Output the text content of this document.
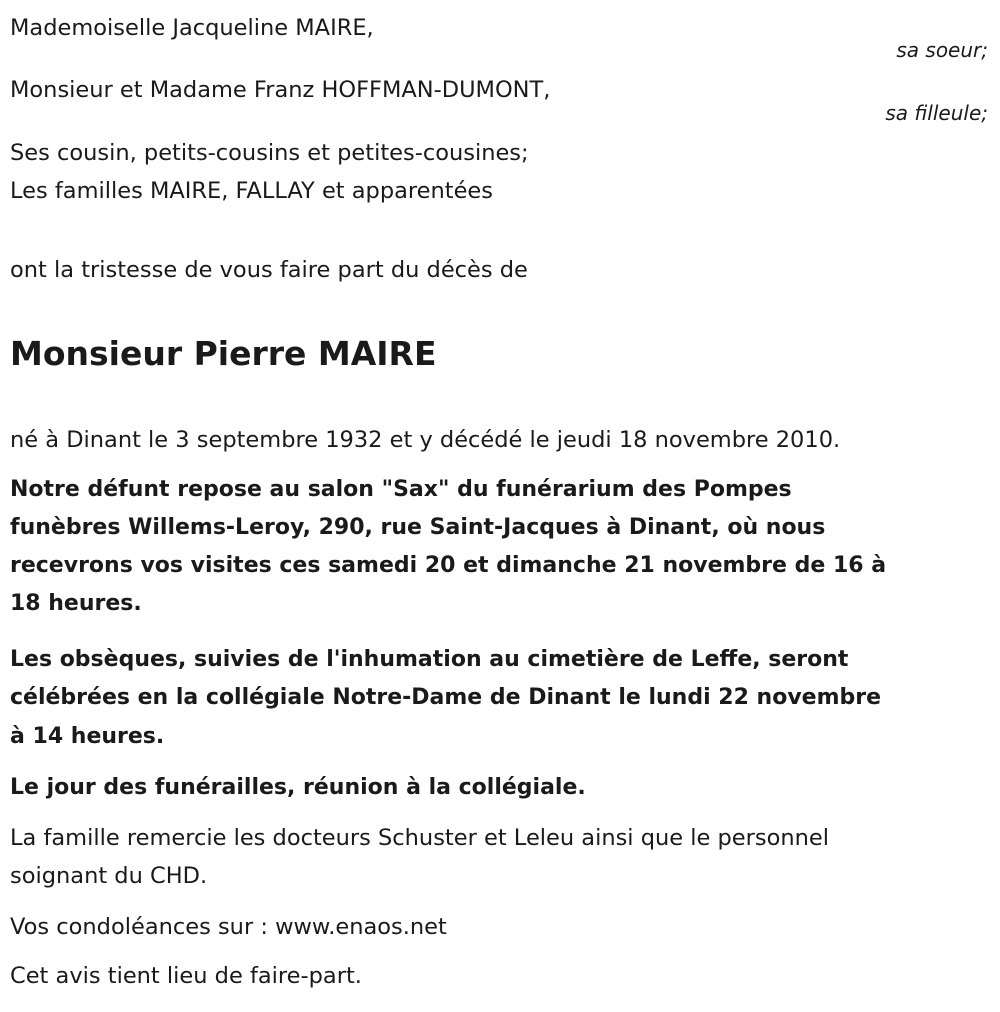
Mademoiselle Jacqueline MAIRE,
sa soeur;
Monsieur et Madame Franz HOFFMAN-DUMONT,
sa filleule;
Ses cousin, petits-cousins et petites-cousines;
Les familles MAIRE, FALLAY et apparentées
ont la tristesse de vous faire part du décès de
Monsieur Pierre MAIRE
né à Dinant le 3 septembre 1932 et y décédé le jeudi 18 novembre 2010.
Notre défunt repose au salon "Sax" du funérarium des Pompes
funèbres Willems-Leroy, 290, rue Saint-Jacques à Dinant, où nous
recevrons vos visites ces samedi 20 et dimanche 21 novembre de 16 à
18 heures.
Les obsèques, suivies de l'inhumation au cimetière de Leffe, seront
célébrées en la collégiale Notre-Dame de Dinant le lundi 22 novembre
à 14 heures.
Le jour des funérailles, réunion à la collégiale.
La famille remercie les docteurs Schuster et Leleu ainsi que le personnel
soignant du CHD.
Vos condoléances sur : www.enaos.net
Cet avis tient lieu de faire-part.
